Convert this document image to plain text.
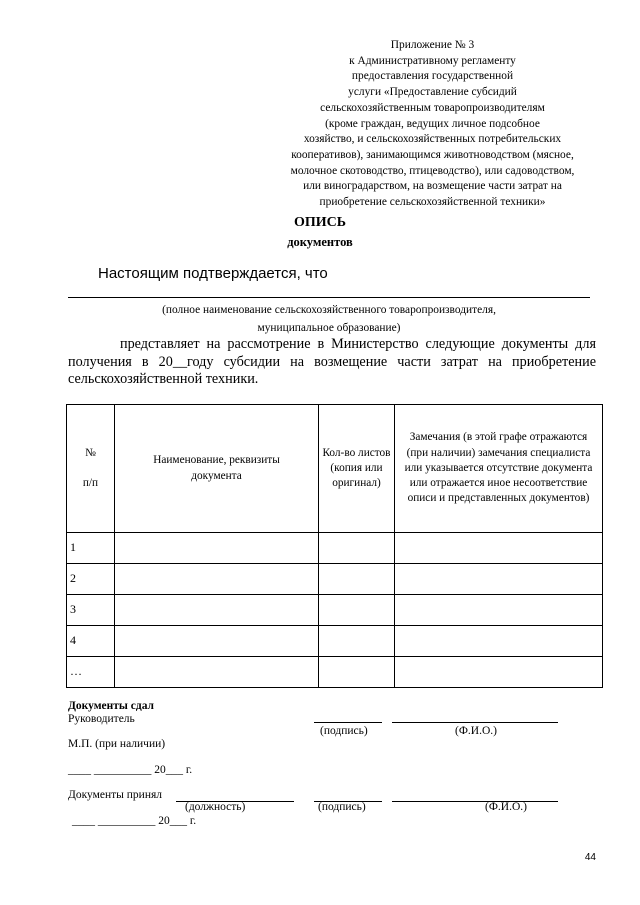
Приложение № 3
к Административному регламенту
предоставления государственной
услуги «Предоставление субсидий
сельскохозяйственным товаропроизводителям
(кроме граждан, ведущих личное подсобное
хозяйство, и сельскохозяйственных потребительских
кооперативов), занимающимся животноводством (мясное,
молочное скотоводство, птицеводство), или садоводством,
или виноградарством, на возмещение части затрат на
приобретение сельскохозяйственной техники»
ОПИСЬ
документов
Настоящим подтверждается, что
(полное наименование сельскохозяйственного товаропроизводителя,
муниципальное образование)
представляет на рассмотрение в Министерство следующие документы для
получения в 20__году субсидии на возмещение части затрат на приобретение
сельскохозяйственной техники.
№
п/п	Наименование, реквизиты документа	Кол-во листов (копия или оригинал)	Замечания (в этой графе отражаются (при наличии) замечания специалиста или указывается отсутствие документа или отражается иное несоответствие описи и представленных документов)
1			
2			
3			
4			
…			
Документы сдал
Руководитель
(подпись)	(Ф.И.О.)
М.П. (при наличии)
____ __________ 20___ г.
Документы принял
(должность)	(подпись)	(Ф.И.О.)
____ __________ 20___ г.
44
